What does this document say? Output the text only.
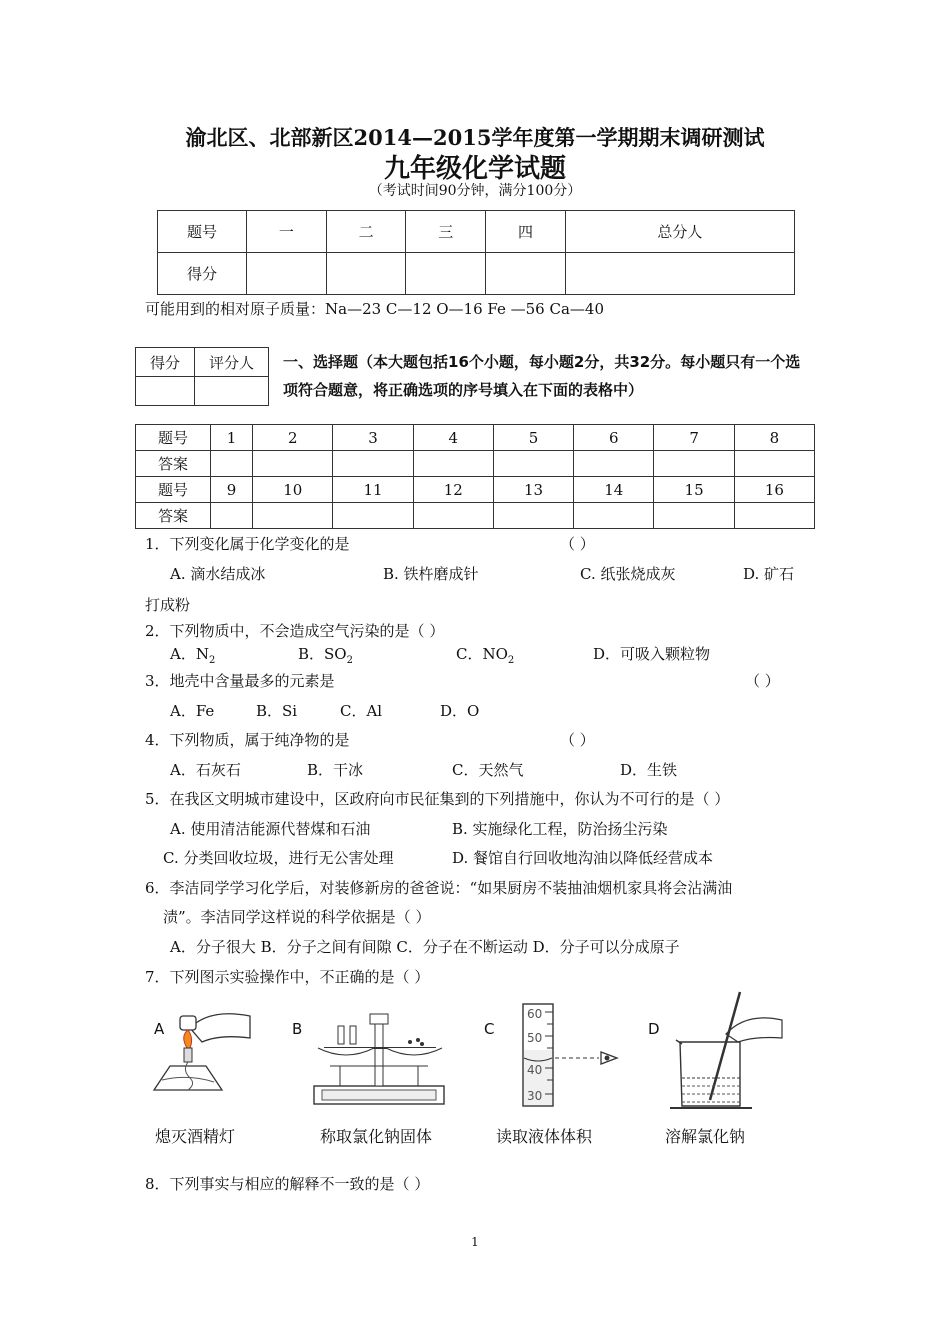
渝北区、北部新区2014—2015学年度第一学期期末调研测试
九年级化学试题
（考试时间90分钟，满分100分）
题号	一	二	三	四	总分人
得分					
可能用到的相对原子质量：Na—23 C—12 O—16 Fe —56 Ca—40
得分	评分人
	一、选择题（本大题包括16个小题，每小题2分，共32分。每小题只有一个选项符合题意，将正确选项的序号填入在下面的表格中）
题号	1	2	3	4	5	6	7	8
答案								
题号	9	10	11	12	13	14	15	16
答案								
1．下列变化属于化学变化的是	（ ）
A. 滴水结成冰	B. 铁杵磨成针	C. 纸张烧成灰	D. 矿石
打成粉
2．下列物质中，不会造成空气污染的是（ ）
A．$N_2$	B．$SO_2$	C．$NO_2$	D．可吸入颗粒物
3．地壳中含量最多的元素是	（ ）
A．Fe	B．Si	C．Al	D．O
4．下列物质，属于纯净物的是	（ ）
A．石灰石	B．干冰	C．天然气	D．生铁
5．在我区文明城市建设中，区政府向市民征集到的下列措施中，你认为不可行的是（ ）
A. 使用清洁能源代替煤和石油	B. 实施绿化工程，防治扬尘污染
C. 分类回收垃圾，进行无公害处理	D. 餐馆自行回收地沟油以降低经营成本
6．李洁同学学习化学后，对装修新房的爸爸说：“如果厨房不装抽油烟机家具将会沾满油
渍”。李洁同学这样说的科学依据是（ ）
A．分子很大 B．分子之间有间隙 C．分子在不断运动 D．分子可以分成原子
7．下列图示实验操作中，不正确的是（ ）
A	B	C	D
60
50
40
30
熄灭酒精灯	称取氯化钠固体	读取液体体积	溶解氯化钠
8．下列事实与相应的解释不一致的是（ ）
1
